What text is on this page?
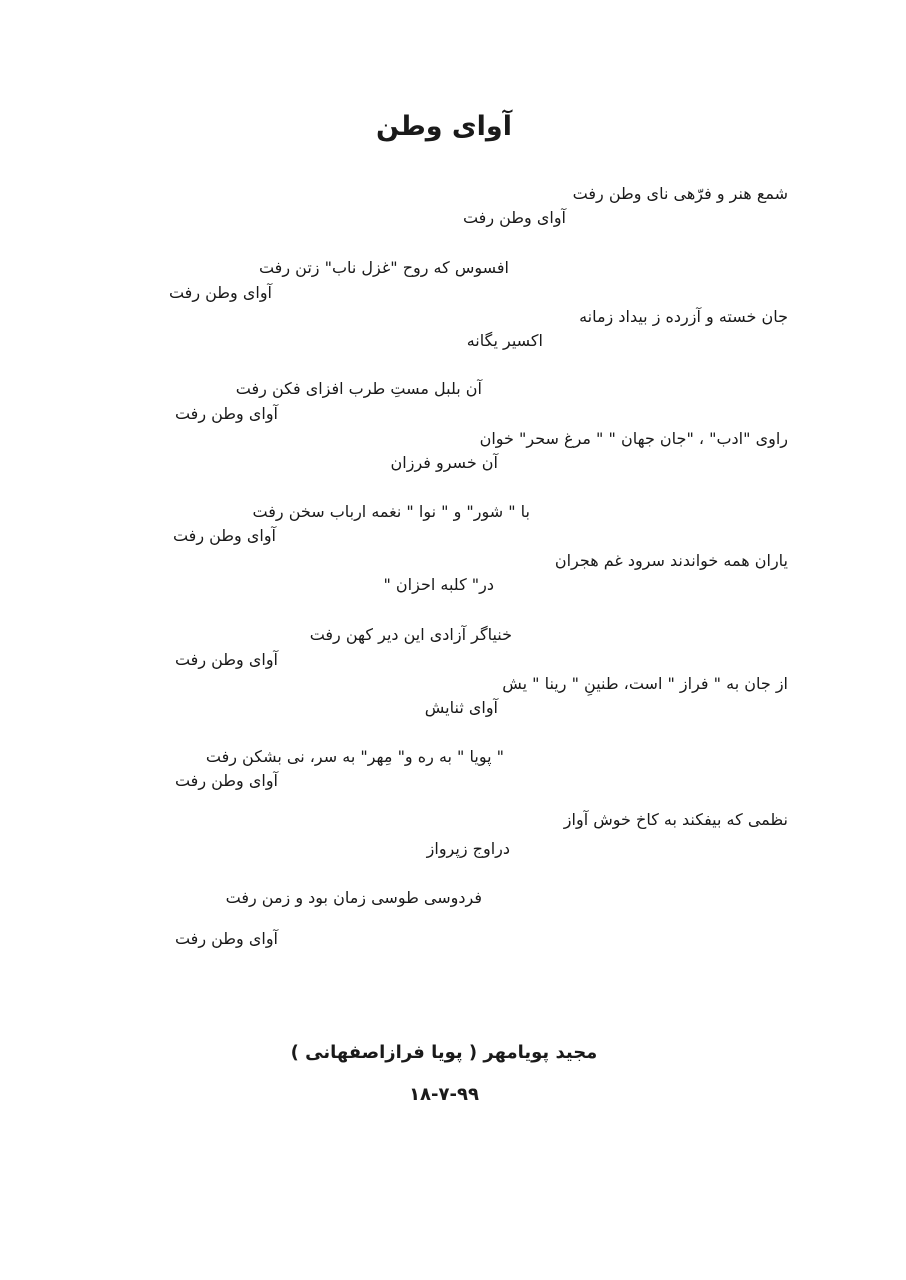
آوای وطن
شمع هنر و فرّهی نای وطن رفت
آوای وطن رفت
افسوس که روح "غزل ناب" زتن رفت
آوای وطن رفت
جان خسته و آزرده ز بیداد زمانه
اکسیر یگانه
آن بلبل مستِ طرب افزای فکن رفت
آوای وطن رفت
راوی "ادب" ، "جان جهان " " مرغ سحر" خوان
آن خسرو فرزان
با " شور" و " نوا " نغمه ارباب سخن رفت
آوای وطن رفت
یاران همه خواندند سرود غم هجران
در" کلبه احزان "
خنیاگر آزادی این دیر کهن رفت
آوای وطن رفت
از جان به " فراز " است، طنینِ " رینا " یش
آوای ثنایش
" پویا " به ره و" مِهر" به سر، نی بشکن رفت
آوای وطن رفت
نظمی که بیفکند به کاخ خوش آواز
دراوج زپرواز
فردوسی طوسی زمان بود و زمن رفت
آوای وطن رفت
مجید پویامهر ( پویا فرازاصفهانی )
۱۸-۷-۹۹
